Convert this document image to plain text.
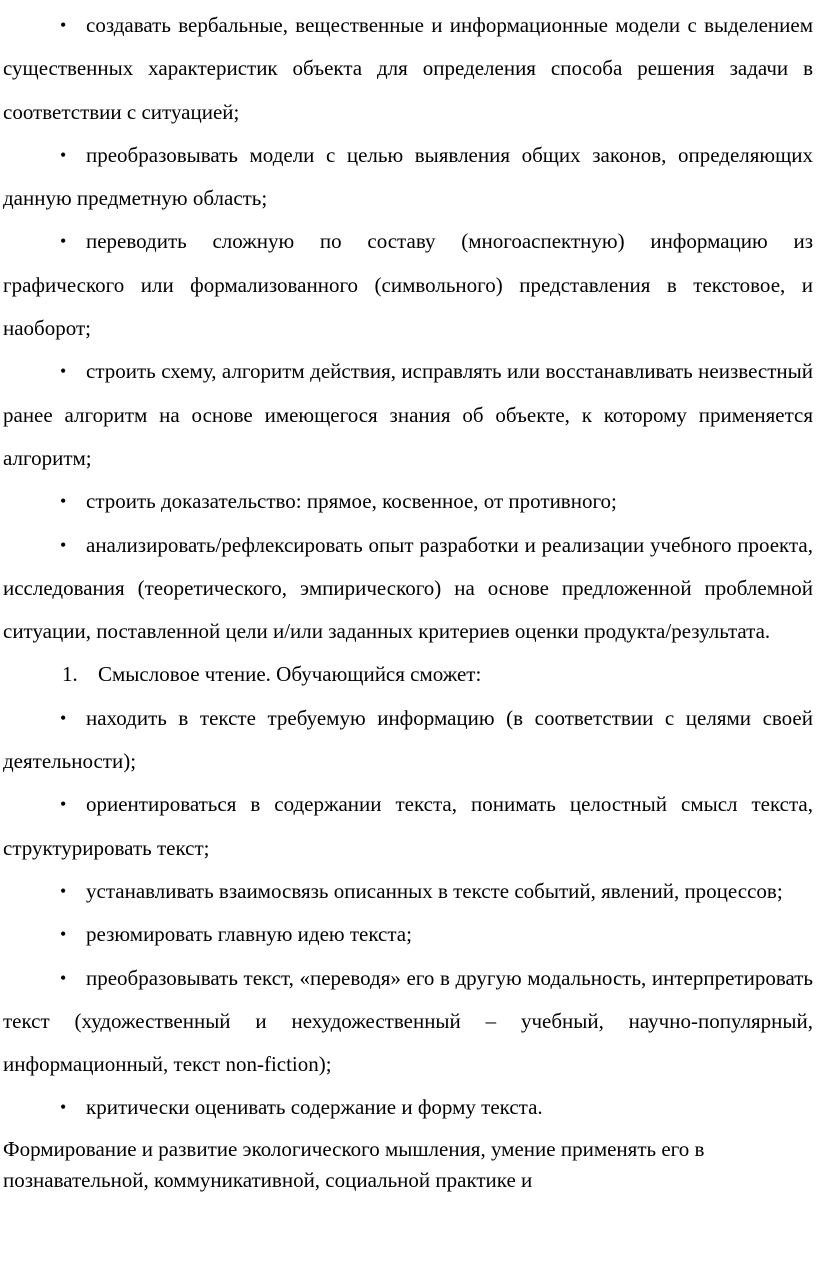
• создавать вербальные, вещественные и информационные модели с выделением существенных характеристик объекта для определения способа решения задачи в соответствии с ситуацией;

• преобразовывать модели с целью выявления общих законов, определяющих данную предметную область;

• переводить сложную по составу (многоаспектную) информацию из графического или формализованного (символьного) представления в текстовое, и наоборот;

• строить схему, алгоритм действия, исправлять или восстанавливать неизвестный ранее алгоритм на основе имеющегося знания об объекте, к которому применяется алгоритм;

• строить доказательство: прямое, косвенное, от противного;

• анализировать/рефлексировать опыт разработки и реализации учебного проекта, исследования (теоретического, эмпирического) на основе предложенной проблемной ситуации, поставленной цели и/или заданных критериев оценки продукта/результата.

1. Смысловое чтение. Обучающийся сможет:

• находить в тексте требуемую информацию (в соответствии с целями своей деятельности);

• ориентироваться в содержании текста, понимать целостный смысл текста, структурировать текст;

• устанавливать взаимосвязь описанных в тексте событий, явлений, процессов;

• резюмировать главную идею текста;

• преобразовывать текст, «переводя» его в другую модальность, интерпретировать текст (художественный и нехудожественный – учебный, научно-популярный, информационный, текст non-fiction);

• критически оценивать содержание и форму текста.

Формирование и развитие экологического мышления, умение применять его в познавательной, коммуникативной, социальной практике и
